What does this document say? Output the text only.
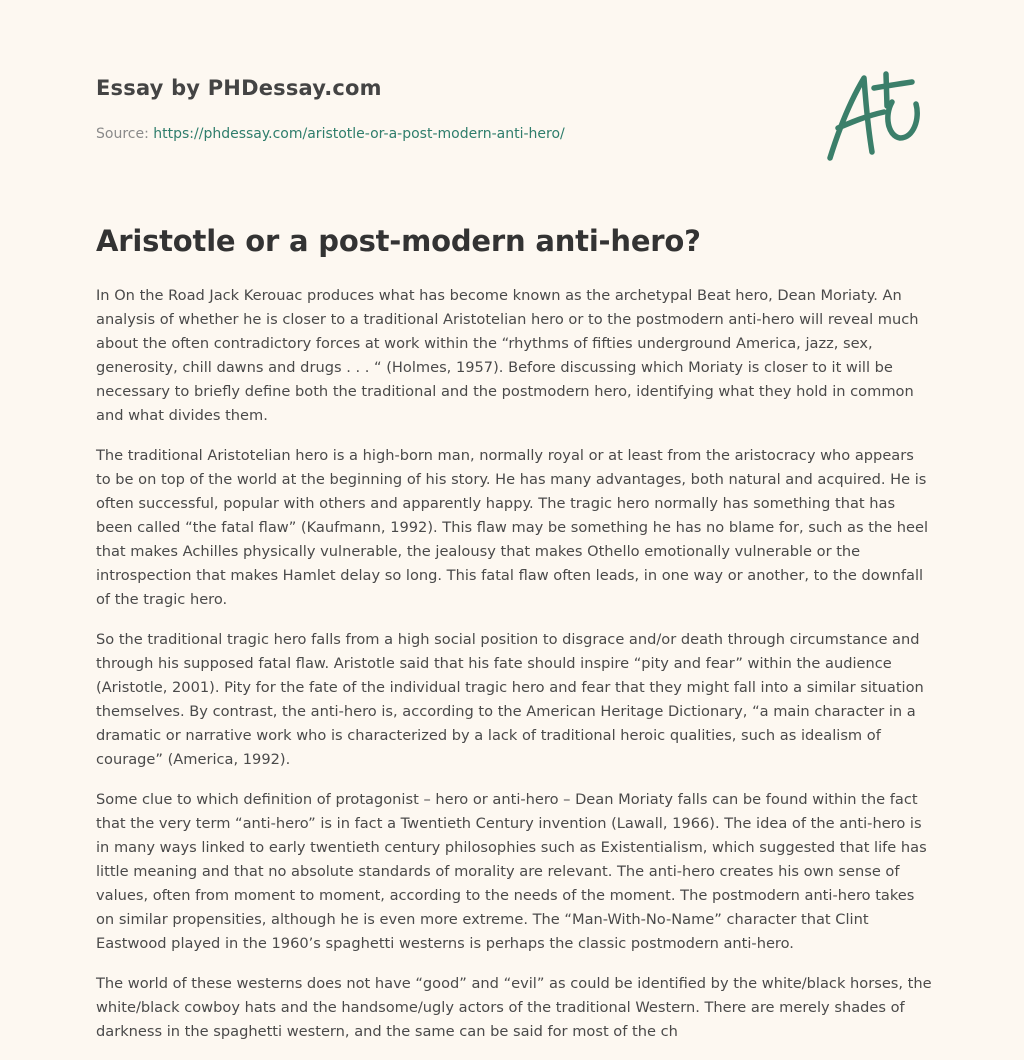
Essay by PHDessay.com
Source: https://phdessay.com/aristotle-or-a-post-modern-anti-hero/
Aristotle or a post-modern anti-hero?

In On the Road Jack Kerouac produces what has become known as the archetypal Beat hero, Dean Moriaty. An analysis of whether he is closer to a traditional Aristotelian hero or to the postmodern anti-hero will reveal much about the often contradictory forces at work within the “rhythms of fifties underground America, jazz, sex, generosity, chill dawns and drugs . . . “ (Holmes, 1957). Before discussing which Moriaty is closer to it will be necessary to briefly define both the traditional and the postmodern hero, identifying what they hold in common and what divides them.

The traditional Aristotelian hero is a high-born man, normally royal or at least from the aristocracy who appears to be on top of the world at the beginning of his story. He has many advantages, both natural and acquired. He is often successful, popular with others and apparently happy. The tragic hero normally has something that has been called “the fatal flaw” (Kaufmann, 1992). This flaw may be something he has no blame for, such as the heel that makes Achilles physically vulnerable, the jealousy that makes Othello emotionally vulnerable or the introspection that makes Hamlet delay so long. This fatal flaw often leads, in one way or another, to the downfall of the tragic hero.

So the traditional tragic hero falls from a high social position to disgrace and/or death through circumstance and through his supposed fatal flaw. Aristotle said that his fate should inspire “pity and fear” within the audience (Aristotle, 2001). Pity for the fate of the individual tragic hero and fear that they might fall into a similar situation themselves. By contrast, the anti-hero is, according to the American Heritage Dictionary, “a main character in a dramatic or narrative work who is characterized by a lack of traditional heroic qualities, such as idealism of courage” (America, 1992).

Some clue to which definition of protagonist – hero or anti-hero – Dean Moriaty falls can be found within the fact that the very term “anti-hero” is in fact a Twentieth Century invention (Lawall, 1966). The idea of the anti-hero is in many ways linked to early twentieth century philosophies such as Existentialism, which suggested that life has little meaning and that no absolute standards of morality are relevant. The anti-hero creates his own sense of values, often from moment to moment, according to the needs of the moment. The postmodern anti-hero takes on similar propensities, although he is even more extreme. The “Man-With-No-Name” character that Clint Eastwood played in the 1960’s spaghetti westerns is perhaps the classic postmodern anti-hero.

The world of these westerns does not have “good” and “evil” as could be identified by the white/black horses, the white/black cowboy hats and the handsome/ugly actors of the traditional Western. There are merely shades of darkness in the spaghetti western, and the same can be said for most of the ch
